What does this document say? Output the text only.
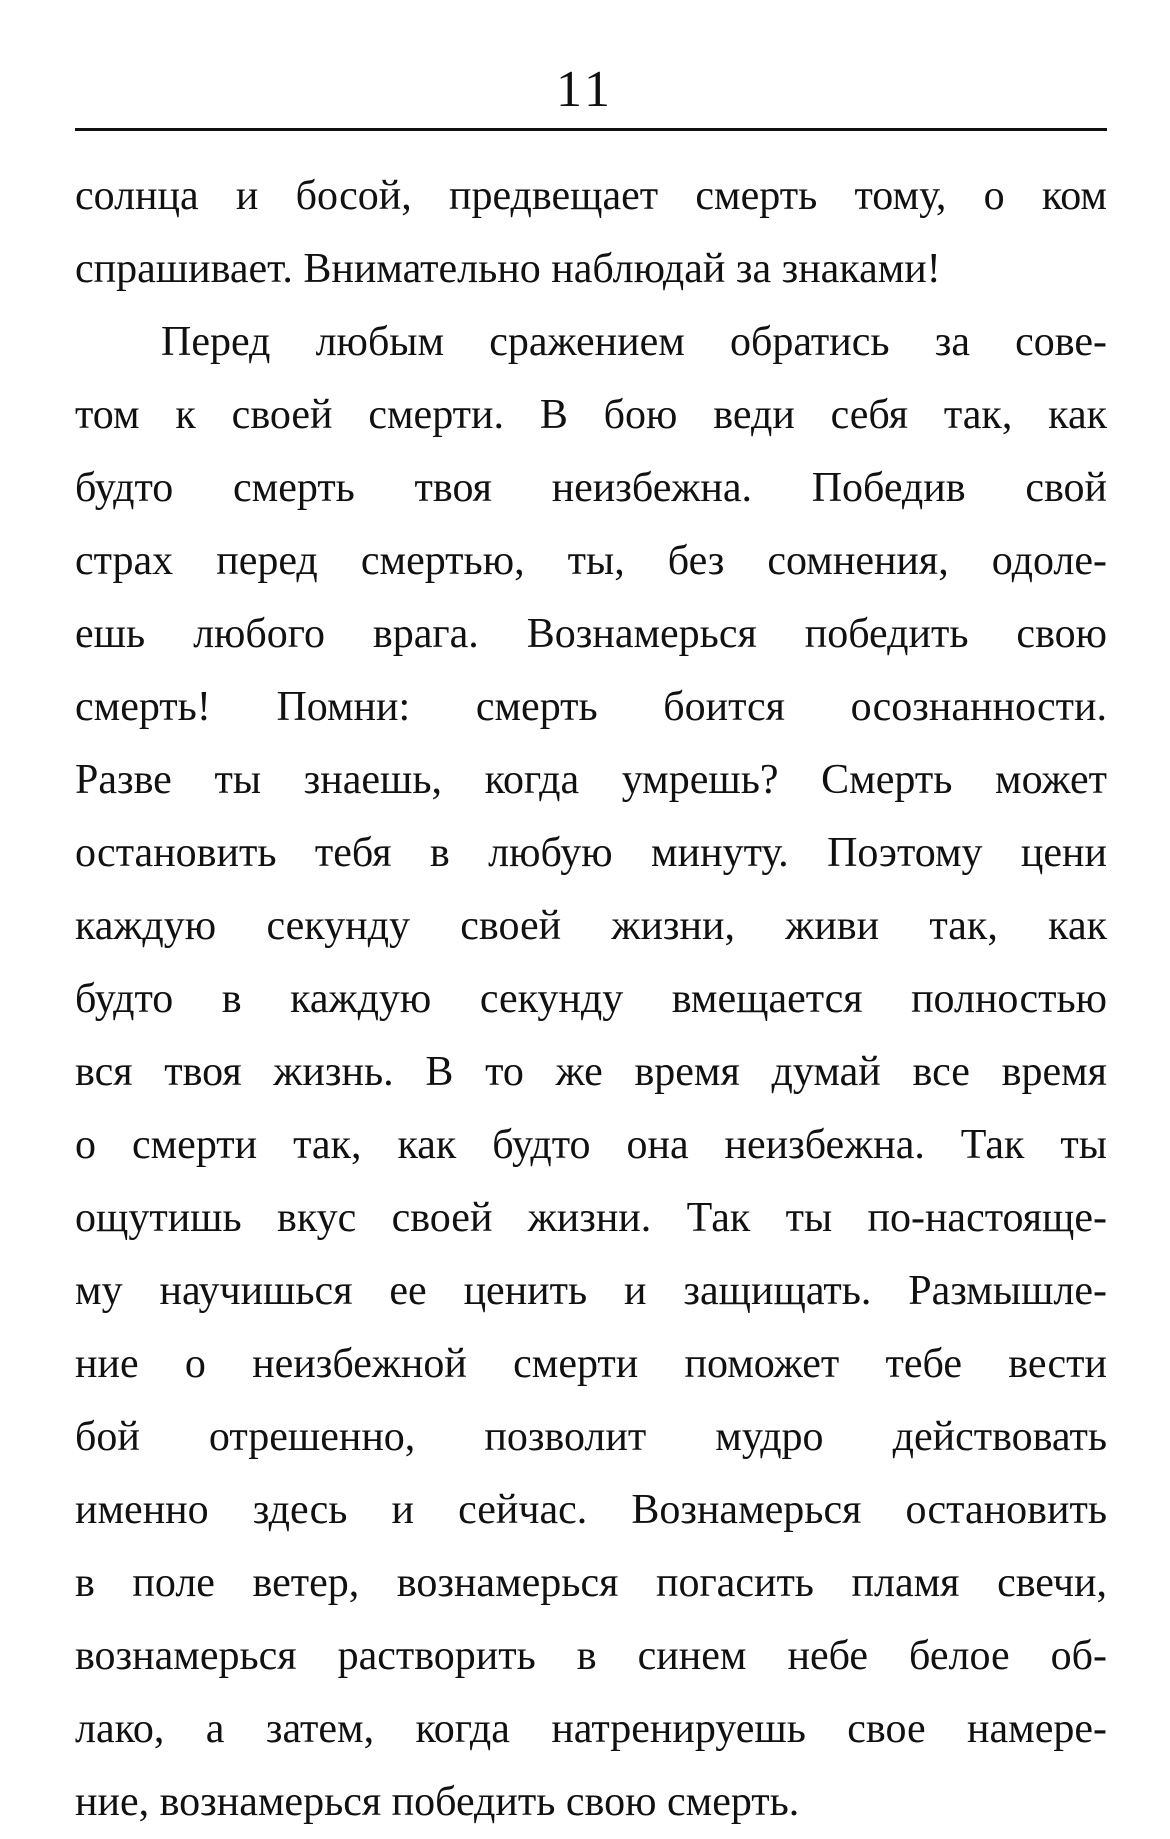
11
солнца и босой, предвещает смерть тому, о ком
спрашивает. Внимательно наблюдай за знаками!
Перед любым сражением обратись за сове-
том к своей смерти. В бою веди себя так, как
будто смерть твоя неизбежна. Победив свой
страх перед смертью, ты, без сомнения, одоле-
ешь любого врага. Вознамерься победить свою
смерть! Помни: смерть боится осознанности.
Разве ты знаешь, когда умрешь? Смерть может
остановить тебя в любую минуту. Поэтому цени
каждую секунду своей жизни, живи так, как
будто в каждую секунду вмещается полностью
вся твоя жизнь. В то же время думай все время
о смерти так, как будто она неизбежна. Так ты
ощутишь вкус своей жизни. Так ты по-настояще-
му научишься ее ценить и защищать. Размышле-
ние о неизбежной смерти поможет тебе вести
бой отрешенно, позволит мудро действовать
именно здесь и сейчас. Вознамерься остановить
в поле ветер, вознамерься погасить пламя свечи,
вознамерься растворить в синем небе белое об-
лако, а затем, когда натренируешь свое намере-
ние, вознамерься победить свою смерть.
